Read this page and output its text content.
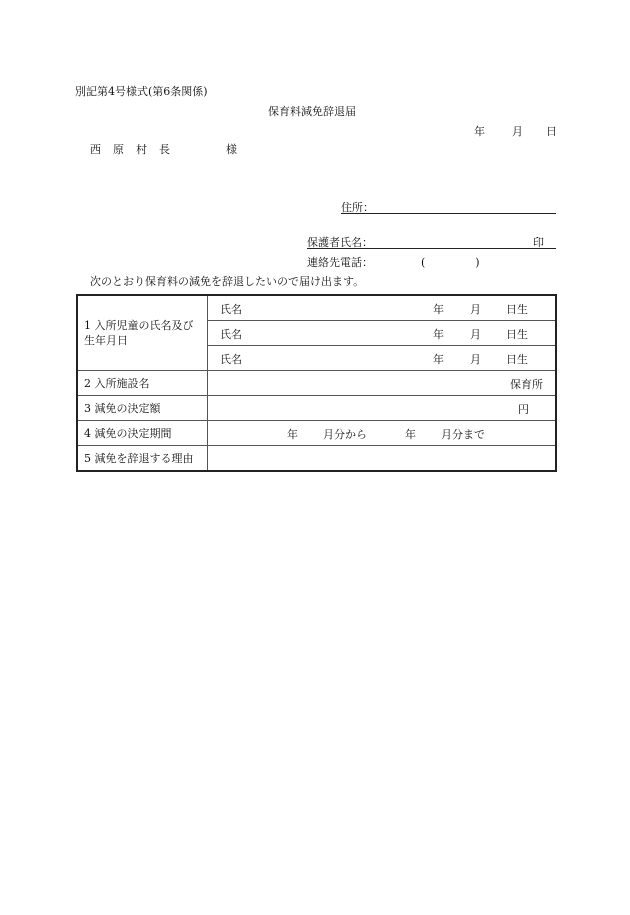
別記第4号様式(第6条関係)
保育料減免辞退届
年 月 日
西 原 村 長	様
住所：
保護者氏名：	印
連絡先電話：	(	)
次のとおり保育料の減免を辞退したいので届け出ます。
1 入所児童の氏名及び生年月日	氏名 年 月 日生

	氏名 年 月 日生

	氏名 年 月 日生

2 入所施設名	保育所

3 減免の決定額	円

4 減免の決定期間	年 月分から 年 月分まで

5 減免を辞退する理由	
